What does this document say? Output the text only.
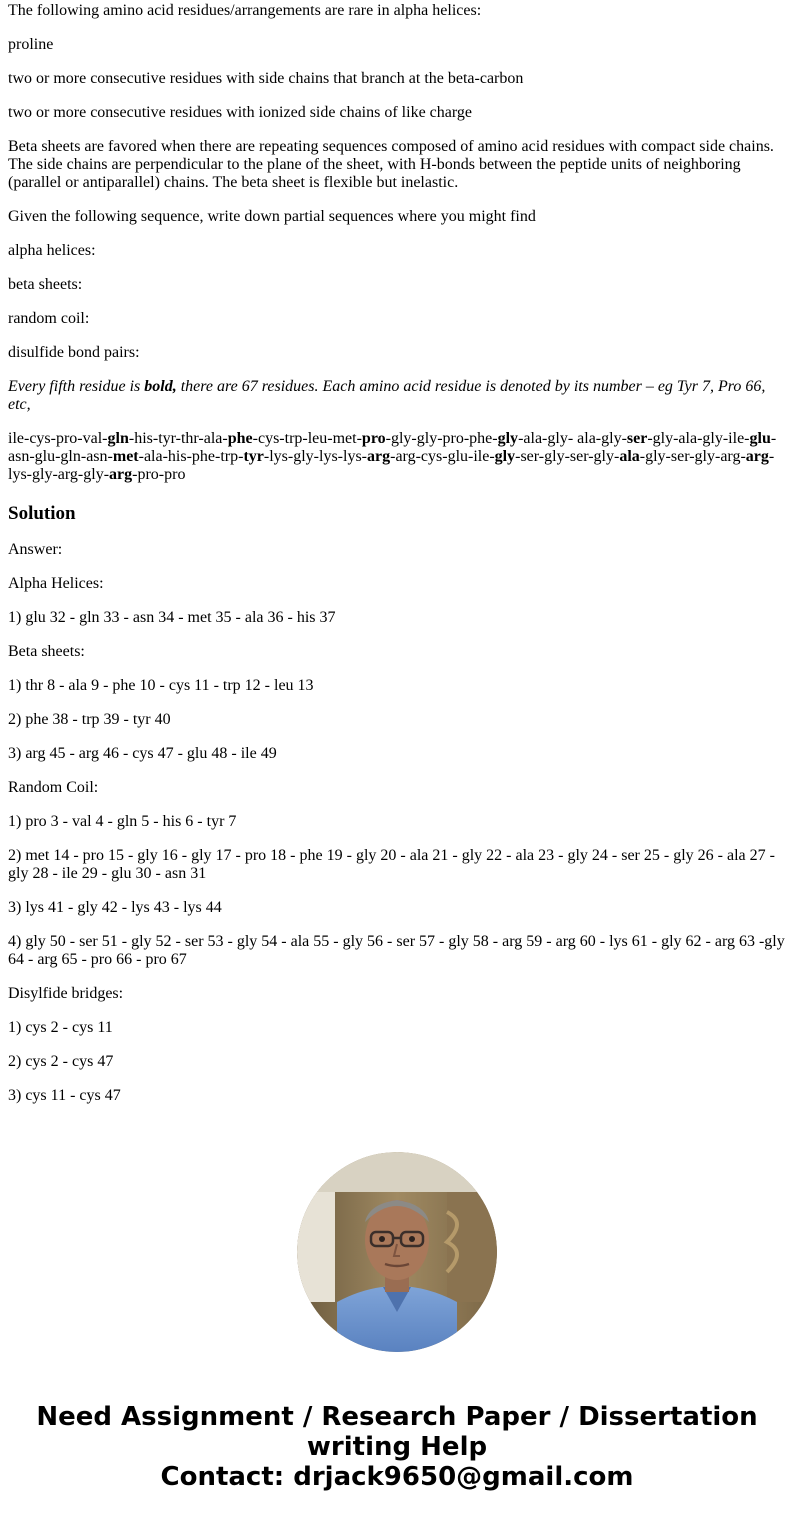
The following amino acid residues/arrangements are rare in alpha helices:

proline

two or more consecutive residues with side chains that branch at the beta-carbon

two or more consecutive residues with ionized side chains of like charge

Beta sheets are favored when there are repeating sequences composed of amino acid residues with compact side chains. The side chains are perpendicular to the plane of the sheet, with H-bonds between the peptide units of neighboring (parallel or antiparallel) chains. The beta sheet is flexible but inelastic.

Given the following sequence, write down partial sequences where you might find

alpha helices:

beta sheets:

random coil:

disulfide bond pairs:

Every fifth residue is bold, there are 67 residues. Each amino acid residue is denoted by its number – eg Tyr 7, Pro 66, etc,

ile-cys-pro-val-gln-his-tyr-thr-ala-phe-cys-trp-leu-met-pro-gly-gly-pro-phe-gly-ala-gly- ala-gly-ser-gly-ala-gly-ile-glu-asn-glu-gln-asn-met-ala-his-phe-trp-tyr-lys-gly-lys-lys-arg-arg-cys-glu-ile-gly-ser-gly-ser-gly-ala-gly-ser-gly-arg-arg-lys-gly-arg-gly-arg-pro-pro

Solution

Answer:

Alpha Helices:

1) glu 32 - gln 33 - asn 34 - met 35 - ala 36 - his 37

Beta sheets:

1) thr 8 - ala 9 - phe 10 - cys 11 - trp 12 - leu 13

2) phe 38 - trp 39 - tyr 40

3) arg 45 - arg 46 - cys 47 - glu 48 - ile 49

Random Coil:

1) pro 3 - val 4 - gln 5 - his 6 - tyr 7

2) met 14 - pro 15 - gly 16 - gly 17 - pro 18 - phe 19 - gly 20 - ala 21 - gly 22 - ala 23 - gly 24 - ser 25 - gly 26 - ala 27 - gly 28 - ile 29 - glu 30 - asn 31

3) lys 41 - gly 42 - lys 43 - lys 44

4) gly 50 - ser 51 - gly 52 - ser 53 - gly 54 - ala 55 - gly 56 - ser 57 - gly 58 - arg 59 - arg 60 - lys 61 - gly 62 - arg 63 -gly 64 - arg 65 - pro 66 - pro 67

Disylfide bridges:

1) cys 2 - cys 11

2) cys 2 - cys 47

3) cys 11 - cys 47

Need Assignment / Research Paper / Dissertation
writing Help
Contact: drjack9650@gmail.com
